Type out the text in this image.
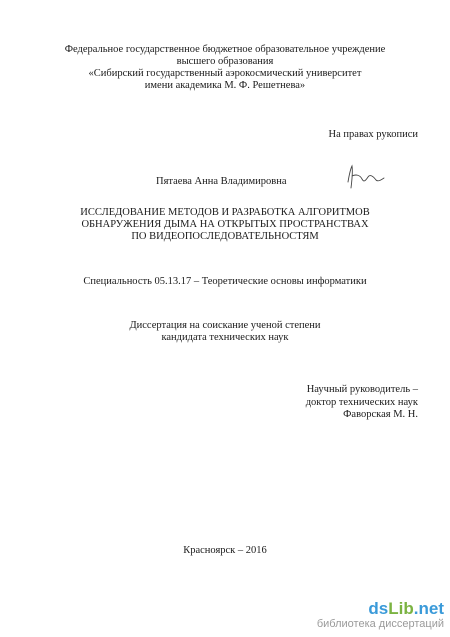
Федеральное государственное бюджетное образовательное учреждение
высшего образования
«Сибирский государственный аэрокосмический университет
имени академика М. Ф. Решетнева»
На правах рукописи
Пятаева Анна Владимировна
ИССЛЕДОВАНИЕ МЕТОДОВ И РАЗРАБОТКА АЛГОРИТМОВ
ОБНАРУЖЕНИЯ ДЫМА НА ОТКРЫТЫХ ПРОСТРАНСТВАХ
ПО ВИДЕОПОСЛЕДОВАТЕЛЬНОСТЯМ
Специальность 05.13.17 – Теоретические основы информатики
Диссертация на соискание ученой степени
кандидата технических наук
Научный руководитель –
доктор технических наук
Фаворская М. Н.
Красноярск – 2016
dsLib.net
библиотека диссертаций
